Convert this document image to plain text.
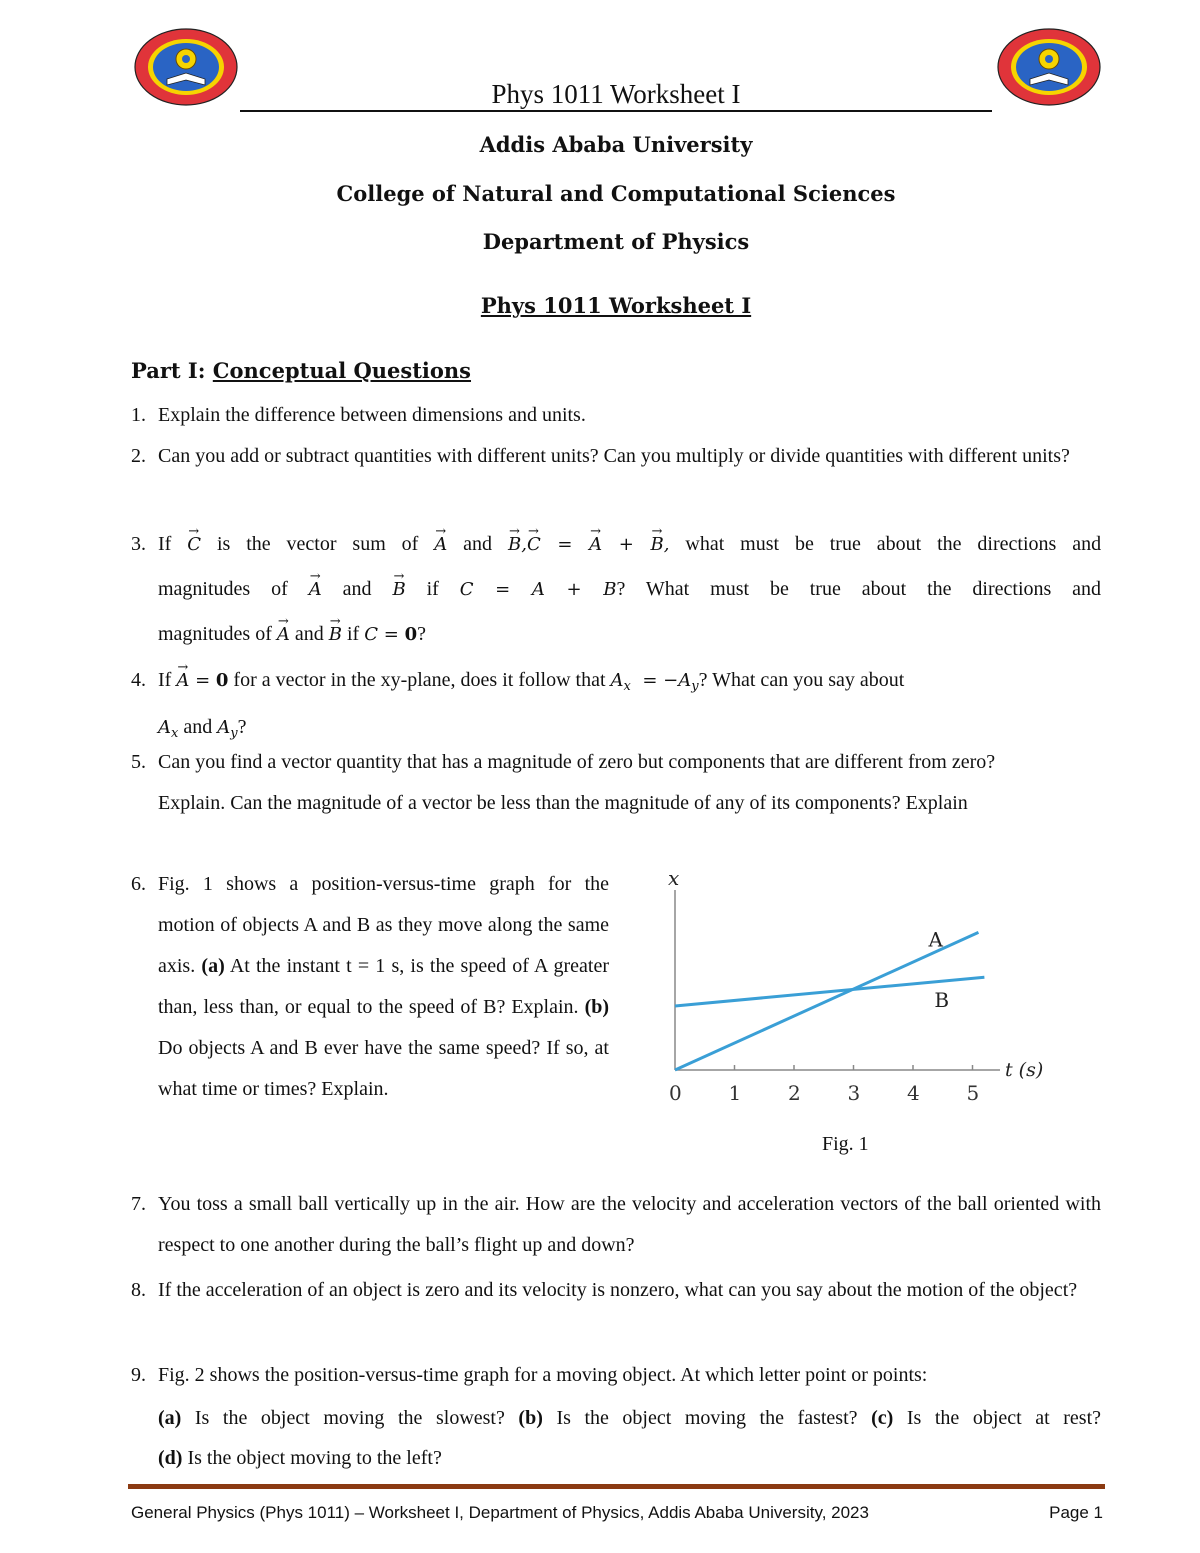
Phys 1011 Worksheet I
Addis Ababa University
College of Natural and Computational Sciences
Department of Physics
Phys 1011 Worksheet I
Part I: Conceptual Questions
1. Explain the difference between dimensions and units.
2. Can you add or subtract quantities with different units? Can you multiply or divide quantities with different units?
3. If → C is the vector sum of → A and → B,→ C = → A + → B, what must be true about the directions and
magnitudes of → A and → B if C = A + B? What must be true about the directions and
magnitudes of → A and → B if C = 0?
4. If → A = 0 for a vector in the xy-plane, does it follow that $A_x = -A_y$? What can you say about
$A_x$ and $A_y$?
5. Can you find a vector quantity that has a magnitude of zero but components that are different from zero? Explain. Can the magnitude of a vector be less than the magnitude of any of its components? Explain
6. Fig. 1 shows a position-versus-time graph for the motion of objects A and B as they move along the same axis. (a) At the instant t = 1 s, is the speed of A greater than, less than, or equal to the speed of B? Explain. (b) Do objects A and B ever have the same speed? If so, at what time or times? Explain.
x
t (s)
0 1 2 3 4 5
A
B
Fig. 1
7. You toss a small ball vertically up in the air. How are the velocity and acceleration vectors of the ball oriented with respect to one another during the ball’s flight up and down?
8. If the acceleration of an object is zero and its velocity is nonzero, what can you say about the motion of the object?
9. Fig. 2 shows the position-versus-time graph for a moving object. At which letter point or points:
(a) Is the object moving the slowest? (b) Is the object moving the fastest? (c) Is the object at rest?
(d) Is the object moving to the left?
General Physics (Phys 1011) – Worksheet I, Department of Physics, Addis Ababa University, 2023	Page 1
